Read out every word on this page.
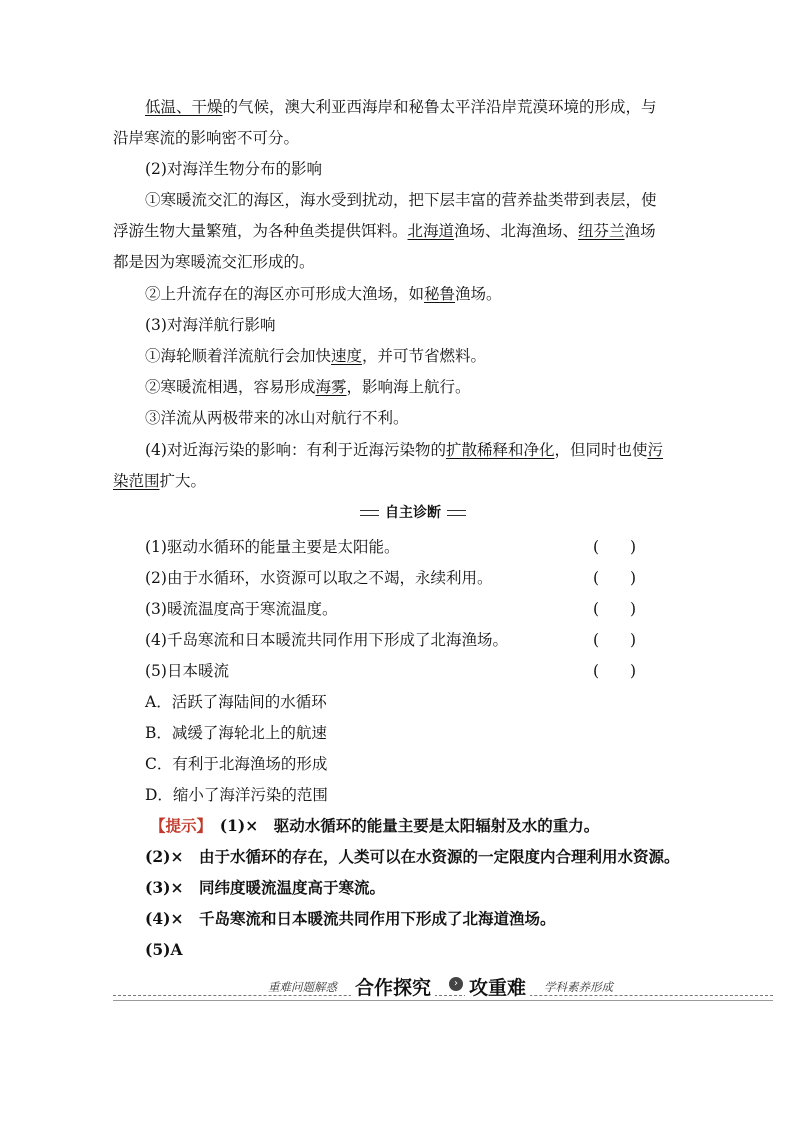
低温、干燥的气候，澳大利亚西海岸和秘鲁太平洋沿岸荒漠环境的形成，与
沿岸寒流的影响密不可分。
(2)对海洋生物分布的影响
①寒暖流交汇的海区，海水受到扰动，把下层丰富的营养盐类带到表层，使
浮游生物大量繁殖，为各种鱼类提供饵料。北海道渔场、北海渔场、纽芬兰渔场
都是因为寒暖流交汇形成的。
②上升流存在的海区亦可形成大渔场，如秘鲁渔场。
(3)对海洋航行影响
①海轮顺着洋流航行会加快速度，并可节省燃料。
②寒暖流相遇，容易形成海雾，影响海上航行。
③洋流从两极带来的冰山对航行不利。
(4)对近海污染的影响：有利于近海污染物的扩散稀释和净化，但同时也使污
染范围扩大。
自主诊断
(1)驱动水循环的能量主要是太阳能。	(　　)
(2)由于水循环，水资源可以取之不竭，永续利用。	(　　)
(3)暖流温度高于寒流温度。	(　　)
(4)千岛寒流和日本暖流共同作用下形成了北海渔场。	(　　)
(5)日本暖流	(　　)
A．活跃了海陆间的水循环
B．减缓了海轮北上的航速
C．有利于北海渔场的形成
D．缩小了海洋污染的范围
【提示】　 (1)×　驱动水循环的能量主要是太阳辐射及水的重力。
(2)×　由于水循环的存在，人类可以在水资源的一定限度内合理利用水资源。
(3)×　同纬度暖流温度高于寒流。
(4)×　千岛寒流和日本暖流共同作用下形成了北海道渔场。
(5)A
重难问题解惑 合作探究	› 攻重难	学科素养形成
